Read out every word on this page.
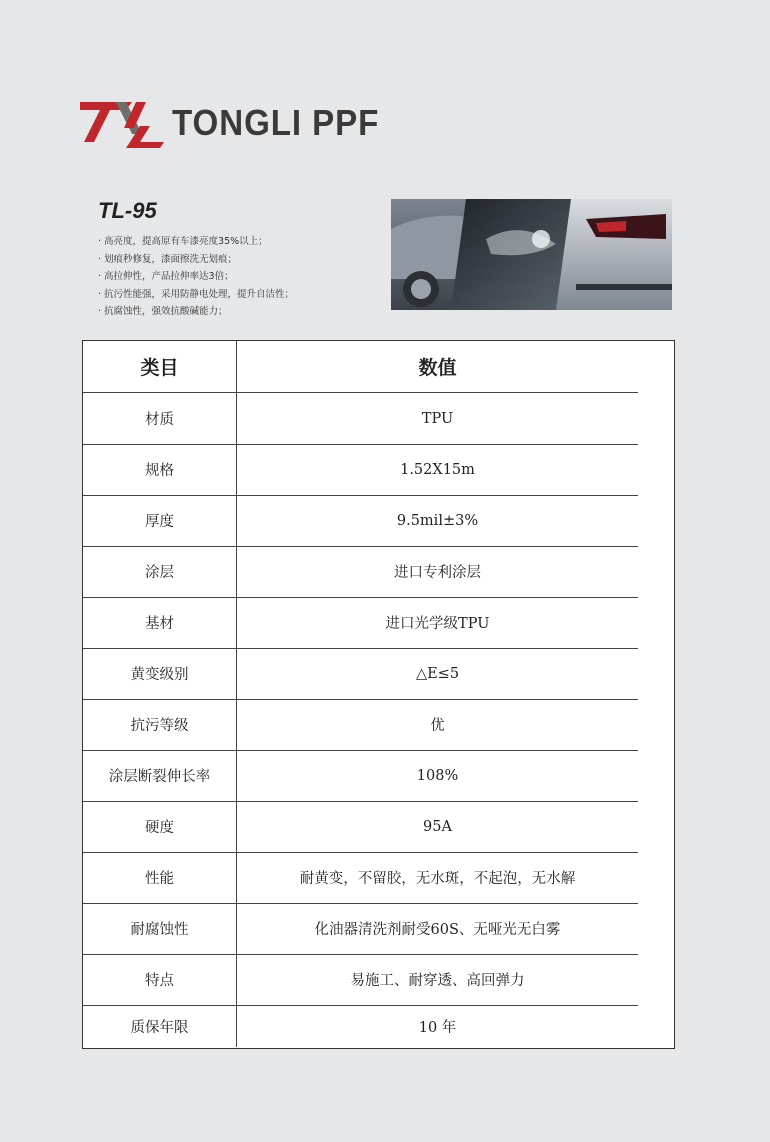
TONGLI PPF
TL-95
· 高亮度，提高原有车漆亮度35%以上；
· 划痕秒修复，漆面擦洗无划痕；
· 高拉伸性，产品拉伸率达3倍；
· 抗污性能强，采用防静电处理，提升自洁性；
· 抗腐蚀性，强效抗酸碱能力；
类目	数值
材质	TPU
规格	1.52X15m
厚度	9.5mil±3%
涂层	进口专利涂层
基材	进口光学级TPU
黄变级别	△E≤5
抗污等级	优
涂层断裂伸长率	108%
硬度	95A
性能	耐黄变，不留胶，无水斑，不起泡，无水解
耐腐蚀性	化油器清洗剂耐受60S、无哑光无白雾
特点	易施工、耐穿透、高回弹力
质保年限	10 年
